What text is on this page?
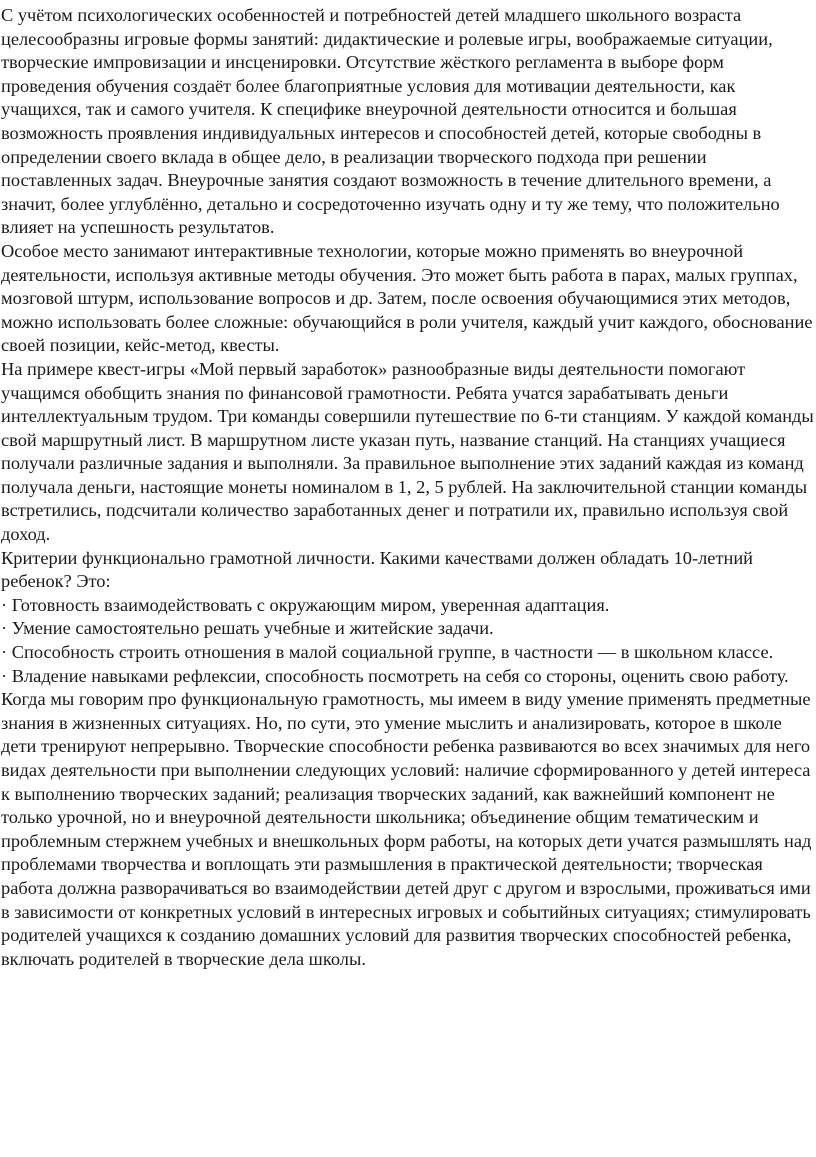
С учётом психологических особенностей и потребностей детей младшего школьного возраста целесообразны игровые формы занятий: дидактические и ролевые игры, воображаемые ситуации, творческие импровизации и инсценировки. Отсутствие жёсткого регламента в выборе форм проведения обучения создаёт более благоприятные условия для мотивации деятельности, как учащихся, так и самого учителя. К специфике внеурочной деятельности относится и большая возможность проявления индивидуальных интересов и способностей детей, которые свободны в определении своего вклада в общее дело, в реализации творческого подхода при решении поставленных задач. Внеурочные занятия создают возможность в течение длительного времени, а значит, более углублённо, детально и сосредоточенно изучать одну и ту же тему, что положительно влияет на успешность результатов.

Особое место занимают интерактивные технологии, которые можно применять во внеурочной деятельности, используя активные методы обучения. Это может быть работа в парах, малых группах, мозговой штурм, использование вопросов и др. Затем, после освоения обучающимися этих методов, можно использовать более сложные: обучающийся в роли учителя, каждый учит каждого, обоснование своей позиции, кейс-метод, квесты.

На примере квест-игры «Мой первый заработок» разнообразные виды деятельности помогают учащимся обобщить знания по финансовой грамотности. Ребята учатся зарабатывать деньги интеллектуальным трудом. Три команды совершили путешествие по 6-ти станциям. У каждой команды свой маршрутный лист. В маршрутном листе указан путь, название станций. На станциях учащиеся получали различные задания и выполняли. За правильное выполнение этих заданий каждая из команд получала деньги, настоящие монеты номиналом в 1, 2, 5 рублей. На заключительной станции команды встретились, подсчитали количество заработанных денег и потратили их, правильно используя свой доход.

Критерии функционально грамотной личности. Какими качествами должен обладать 10-летний ребенок? Это:

· Готовность взаимодействовать с окружающим миром, уверенная адаптация.

· Умение самостоятельно решать учебные и житейские задачи.

· Способность строить отношения в малой социальной группе, в частности — в школьном классе.

· Владение навыками рефлексии, способность посмотреть на себя со стороны, оценить свою работу.

Когда мы говорим про функциональную грамотность, мы имеем в виду умение применять предметные знания в жизненных ситуациях. Но, по сути, это умение мыслить и анализировать, которое в школе дети тренируют непрерывно. Творческие способности ребенка развиваются во всех значимых для него видах деятельности при выполнении следующих условий: наличие сформированного у детей интереса к выполнению творческих заданий; реализация творческих заданий, как важнейший компонент не только урочной, но и внеурочной деятельности школьника; объединение общим тематическим и проблемным стержнем учебных и внешкольных форм работы, на которых дети учатся размышлять над проблемами творчества и воплощать эти размышления в практической деятельности; творческая работа должна разворачиваться во взаимодействии детей друг с другом и взрослыми, проживаться ими в зависимости от конкретных условий в интересных игровых и событийных ситуациях; стимулировать родителей учащихся к созданию домашних условий для развития творческих способностей ребенка, включать родителей в творческие дела школы.
